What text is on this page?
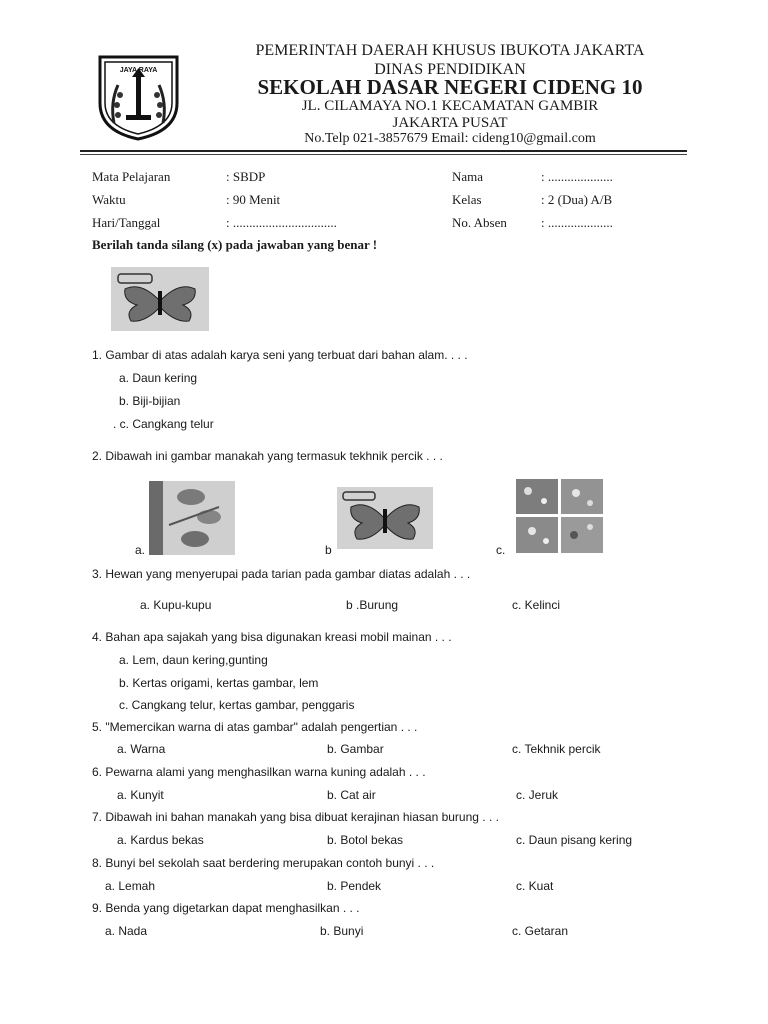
JAYA RAYA
PEMERINTAH DAERAH KHUSUS IBUKOTA JAKARTA
DINAS PENDIDIKAN
SEKOLAH DASAR NEGERI CIDENG 10
JL. CILAMAYA NO.1 KECAMATAN GAMBIR
JAKARTA PUSAT
No.Telp 021-3857679 Email: cideng10@gmail.com
Mata Pelajaran	: SBDP
Waktu	: 90 Menit
Hari/Tanggal	: ................................
Nama	: ....................
Kelas	: 2 (Dua) A/B
No. Absen	: ....................
Berilah tanda silang (x) pada jawaban yang benar !
1. Gambar di atas adalah karya seni yang terbuat dari bahan alam. . . .
a. Daun kering
b. Biji-bijian
. c. Cangkang telur
2. Dibawah ini gambar manakah yang termasuk tekhnik percik . . .
a.	b	c.
3. Hewan yang menyerupai pada tarian pada gambar diatas adalah . . .
a. Kupu-kupu	b .Burung	c. Kelinci
4. Bahan apa sajakah yang bisa digunakan kreasi mobil mainan . . .
a. Lem, daun kering,gunting
b. Kertas origami, kertas gambar, lem
c. Cangkang telur, kertas gambar, penggaris
5. "Memercikan warna di atas gambar" adalah pengertian . . .
a. Warna	b. Gambar	c. Tekhnik percik
6. Pewarna alami yang menghasilkan warna kuning adalah . . .
a. Kunyit	b. Cat air	c. Jeruk
7. Dibawah ini bahan manakah yang bisa dibuat kerajinan hiasan burung . . .
a. Kardus bekas	b. Botol bekas	c. Daun pisang kering
8. Bunyi bel sekolah saat berdering merupakan contoh bunyi . . .
a. Lemah	b. Pendek	c. Kuat
9. Benda yang digetarkan dapat menghasilkan . . .
a. Nada	b. Bunyi	c. Getaran
